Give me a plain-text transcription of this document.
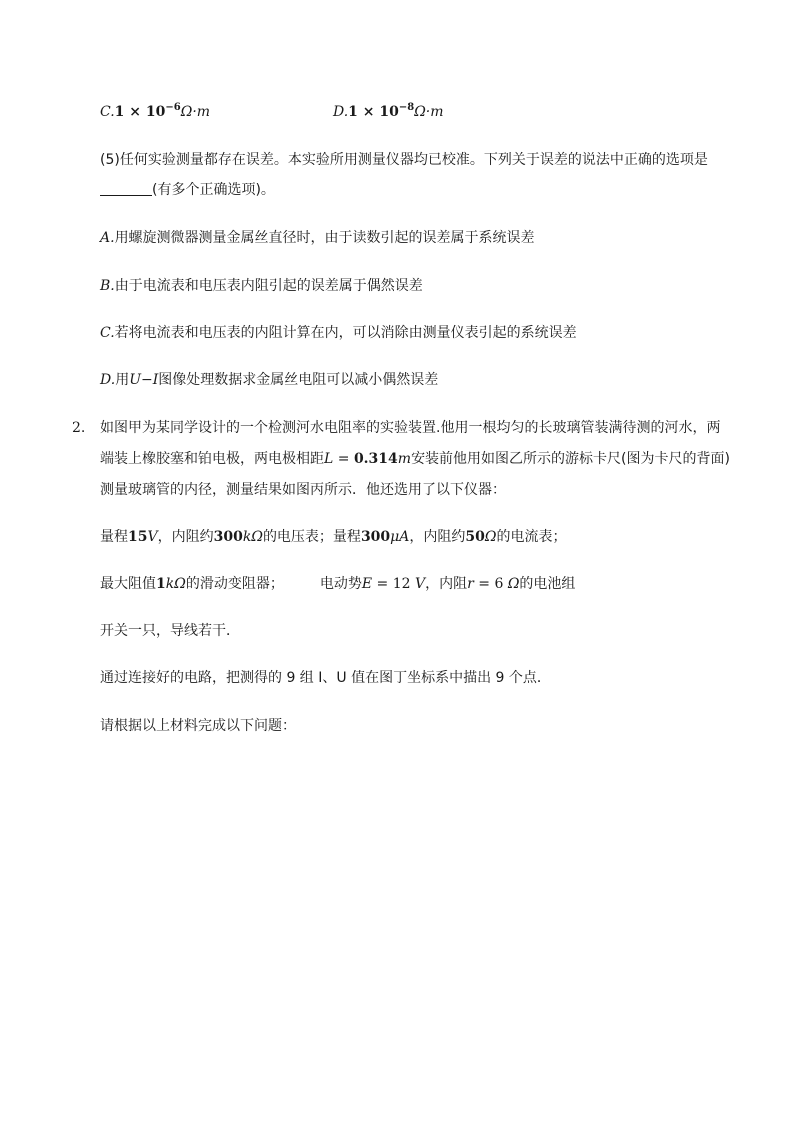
$C.1 \times 10^{-6}\Omega\cdot m$	$D.1 \times 10^{-8}\Omega\cdot m$
(5)任何实验测量都存在误差。本实验所用测量仪器均已校准。下列关于误差的说法中正确的选项是
(有多个正确选项)。
A.用螺旋测微器测量金属丝直径时，由于读数引起的误差属于系统误差
B.由于电流表和电压表内阻引起的误差属于偶然误差
C.若将电流表和电压表的内阻计算在内，可以消除由测量仪表引起的系统误差
D.用U−I图像处理数据求金属丝电阻可以减小偶然误差
2. 如图甲为某同学设计的一个检测河水电阻率的实验装置.他用一根均匀的长玻璃管装满待测的河水，两
端装上橡胶塞和铂电极，两电极相距L = 0.314m安装前他用如图乙所示的游标卡尺(图为卡尺的背面)
测量玻璃管的内径，测量结果如图丙所示．他还选用了以下仪器：
量程15V，内阻约300kΩ的电压表；量程300μA，内阻约50Ω的电流表；
最大阻值1kΩ的滑动变阻器；	电动势E = 12 V，内阻r = 6 Ω的电池组
开关一只，导线若干．
通过连接好的电路，把测得的 9 组 I、U 值在图丁坐标系中描出 9 个点．
请根据以上材料完成以下问题：
